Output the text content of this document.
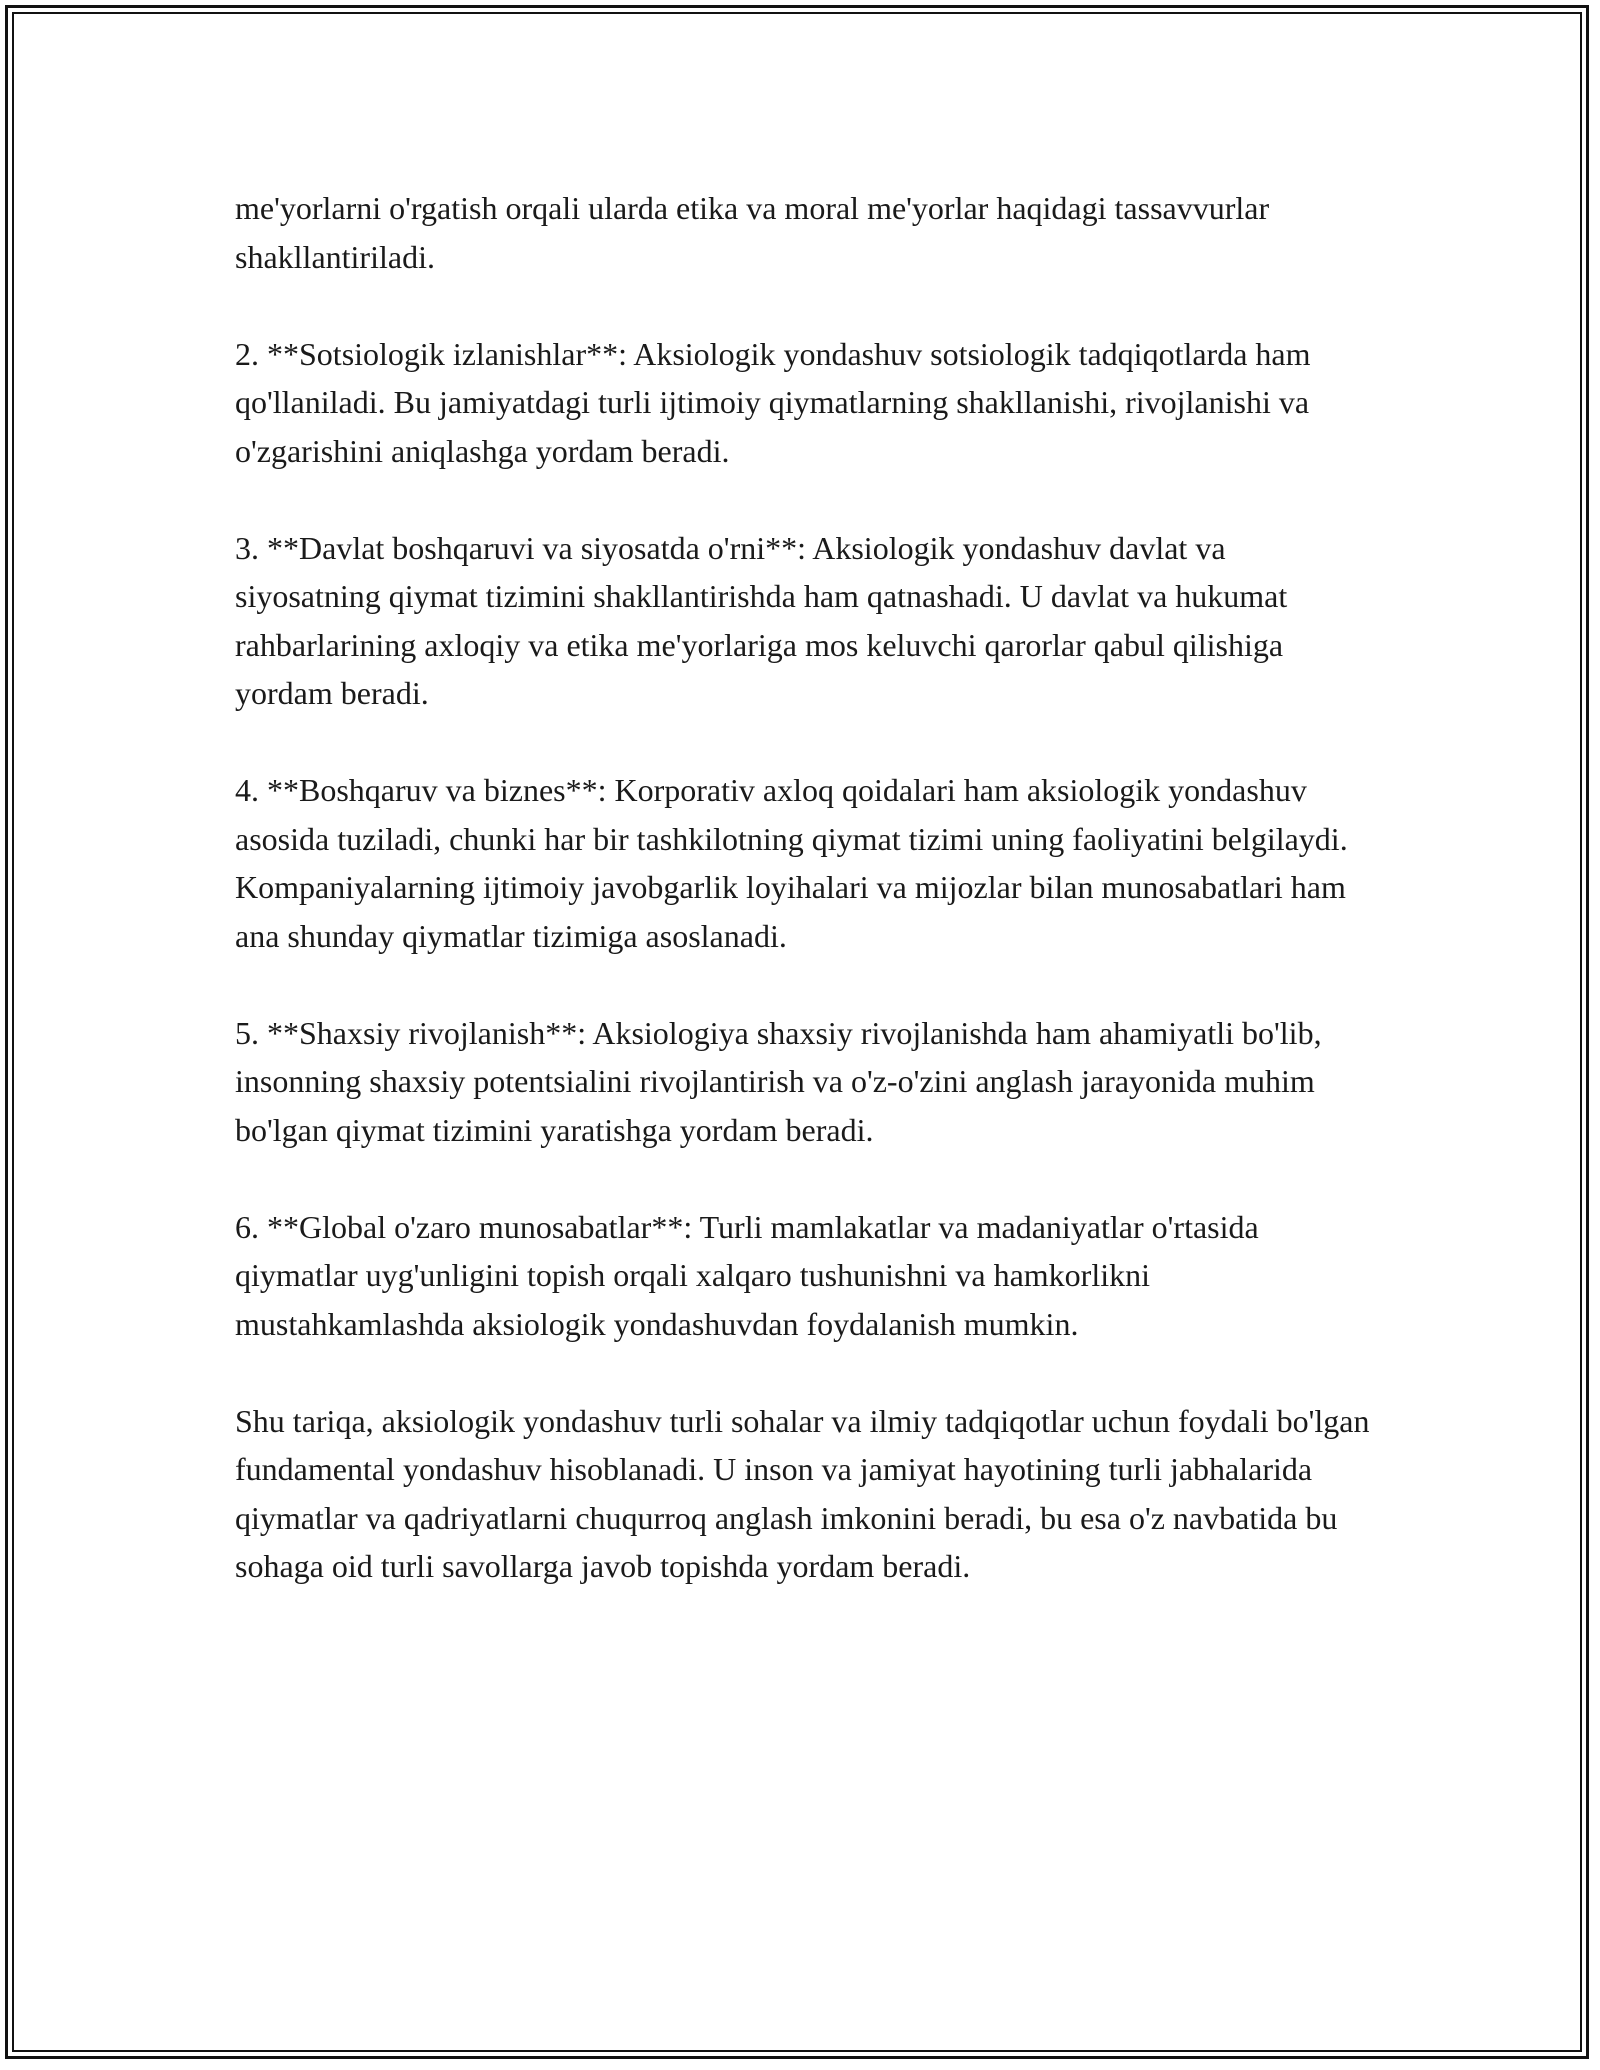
me'yorlarni o'rgatish orqali ularda etika va moral me'yorlar haqidagi tassavvurlar shakllantiriladi.

2. **Sotsiologik izlanishlar**: Aksiologik yondashuv sotsiologik tadqiqotlarda ham qo'llaniladi. Bu jamiyatdagi turli ijtimoiy qiymatlarning shakllanishi, rivojlanishi va o'zgarishini aniqlashga yordam beradi.

3. **Davlat boshqaruvi va siyosatda o'rni**: Aksiologik yondashuv davlat va siyosatning qiymat tizimini shakllantirishda ham qatnashadi. U davlat va hukumat rahbarlarining axloqiy va etika me'yorlariga mos keluvchi qarorlar qabul qilishiga yordam beradi.

4. **Boshqaruv va biznes**: Korporativ axloq qoidalari ham aksiologik yondashuv asosida tuziladi, chunki har bir tashkilotning qiymat tizimi uning faoliyatini belgilaydi. Kompaniyalarning ijtimoiy javobgarlik loyihalari va mijozlar bilan munosabatlari ham ana shunday qiymatlar tizimiga asoslanadi.

5. **Shaxsiy rivojlanish**: Aksiologiya shaxsiy rivojlanishda ham ahamiyatli bo'lib, insonning shaxsiy potentsialini rivojlantirish va o'z-o'zini anglash jarayonida muhim bo'lgan qiymat tizimini yaratishga yordam beradi.

6. **Global o'zaro munosabatlar**: Turli mamlakatlar va madaniyatlar o'rtasida qiymatlar uyg'unligini topish orqali xalqaro tushunishni va hamkorlikni mustahkamlashda aksiologik yondashuvdan foydalanish mumkin.

Shu tariqa, aksiologik yondashuv turli sohalar va ilmiy tadqiqotlar uchun foydali bo'lgan fundamental yondashuv hisoblanadi. U inson va jamiyat hayotining turli jabhalarida qiymatlar va qadriyatlarni chuqurroq anglash imkonini beradi, bu esa o'z navbatida bu sohaga oid turli savollarga javob topishda yordam beradi.
